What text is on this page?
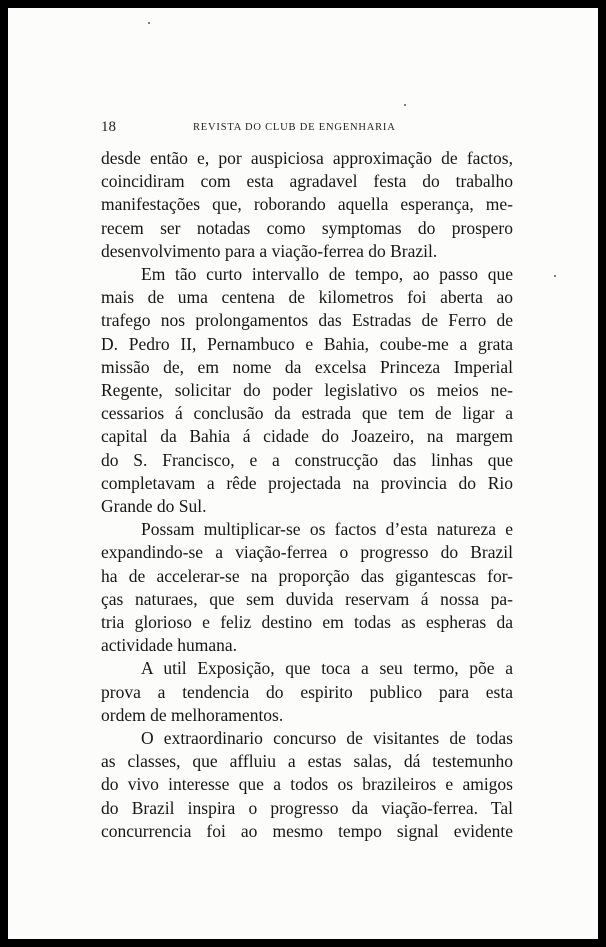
18	REVISTA DO CLUB DE ENGENHARIA

desde então e, por auspiciosa approximação de factos,
coincidiram com esta agradavel festa do trabalho
manifestações que, roborando aquella esperança, me-
recem ser notadas como symptomas do prospero
desenvolvimento para a viação-ferrea do Brazil.

Em tão curto intervallo de tempo, ao passo que
mais de uma centena de kilometros foi aberta ao
trafego nos prolongamentos das Estradas de Ferro de
D. Pedro II, Pernambuco e Bahia, coube-me a grata
missão de, em nome da excelsa Princeza Imperial
Regente, solicitar do poder legislativo os meios ne-
cessarios á conclusão da estrada que tem de ligar a
capital da Bahia á cidade do Joazeiro, na margem
do S. Francisco, e a construcção das linhas que
completavam a rêde projectada na provincia do Rio
Grande do Sul.

Possam multiplicar-se os factos d’esta natureza e
expandindo-se a viação-ferrea o progresso do Brazil
ha de accelerar-se na proporção das gigantescas for-
ças naturaes, que sem duvida reservam á nossa pa-
tria glorioso e feliz destino em todas as espheras da
actividade humana.

A util Exposição, que toca a seu termo, põe a
prova a tendencia do espirito publico para esta
ordem de melhoramentos.

O extraordinario concurso de visitantes de todas
as classes, que affluiu a estas salas, dá testemunho
do vivo interesse que a todos os brazileiros e amigos
do Brazil inspira o progresso da viação-ferrea. Tal
concurrencia foi ao mesmo tempo signal evidente
